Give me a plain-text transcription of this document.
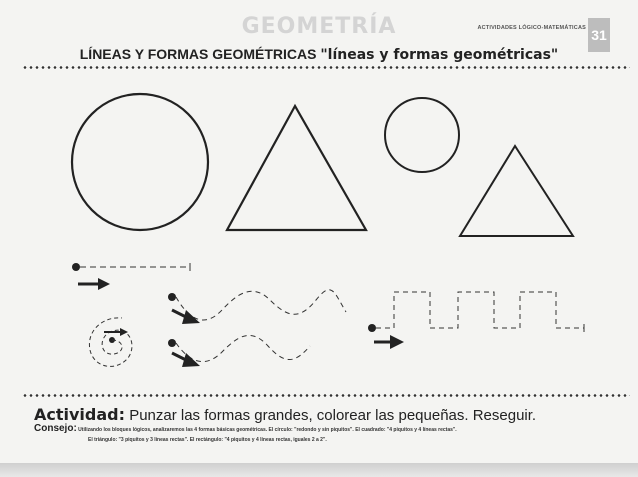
GEOMETRÍA	ACTIVIDADES LÓGICO-MATEMÁTICAS 31
LÍNEAS Y FORMAS GEOMÉTRICAS "líneas y formas geométricas"
Actividad: Punzar las formas grandes, colorear las pequeñas. Reseguir.
Consejo: Utilizando los bloques lógicos, analizaremos las 4 formas básicas geométricas. El círculo: "redondo y sin piquitos". El cuadrado: "4 piquitos y 4 líneas rectas".
El triángulo: "3 piquitos y 3 líneas rectas". El rectángulo: "4 piquitos y 4 líneas rectas, iguales 2 a 2".
